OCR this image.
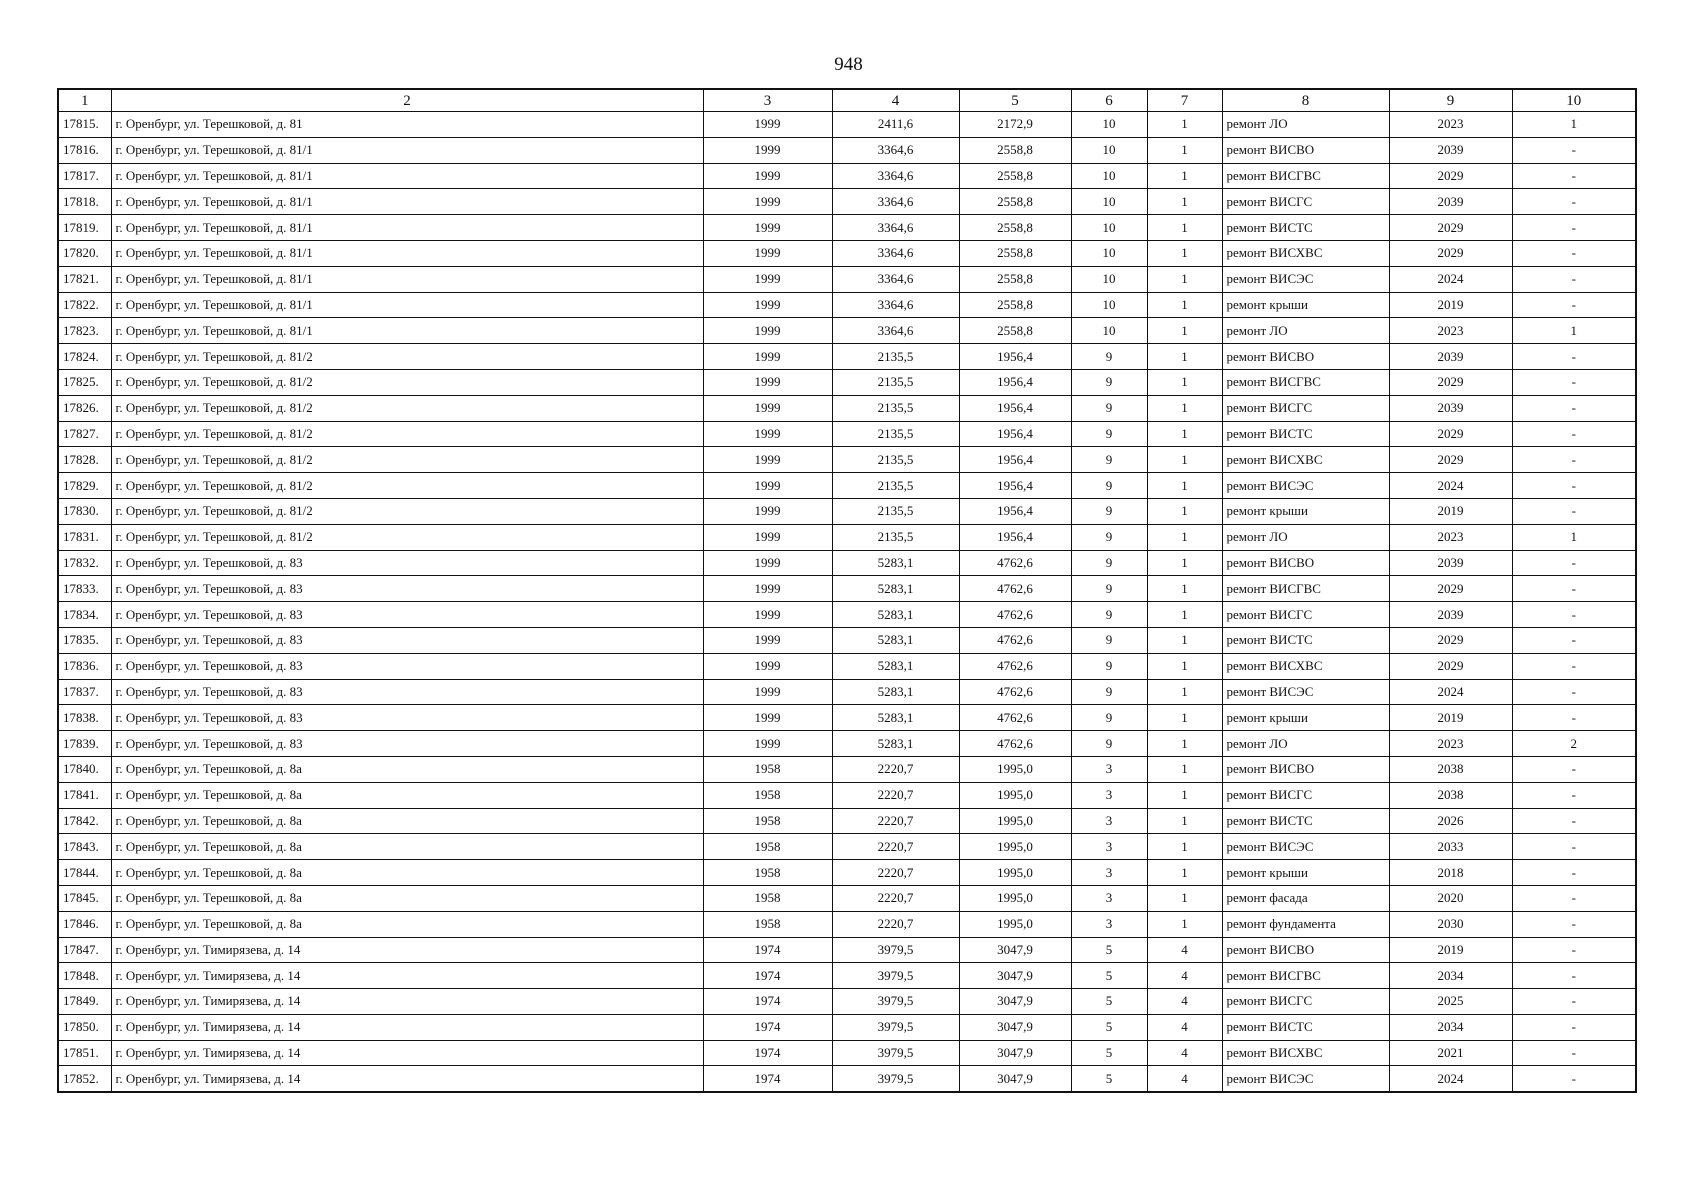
948
1	2	3	4	5	6	7	8	9	10
17815.	г. Оренбург, ул. Терешковой, д. 81	1999	2411,6	2172,9	10	1	ремонт ЛО	2023	1
17816.	г. Оренбург, ул. Терешковой, д. 81/1	1999	3364,6	2558,8	10	1	ремонт ВИСВО	2039	-
17817.	г. Оренбург, ул. Терешковой, д. 81/1	1999	3364,6	2558,8	10	1	ремонт ВИСГВС	2029	-
17818.	г. Оренбург, ул. Терешковой, д. 81/1	1999	3364,6	2558,8	10	1	ремонт ВИСГС	2039	-
17819.	г. Оренбург, ул. Терешковой, д. 81/1	1999	3364,6	2558,8	10	1	ремонт ВИСТС	2029	-
17820.	г. Оренбург, ул. Терешковой, д. 81/1	1999	3364,6	2558,8	10	1	ремонт ВИСХВС	2029	-
17821.	г. Оренбург, ул. Терешковой, д. 81/1	1999	3364,6	2558,8	10	1	ремонт ВИСЭС	2024	-
17822.	г. Оренбург, ул. Терешковой, д. 81/1	1999	3364,6	2558,8	10	1	ремонт крыши	2019	-
17823.	г. Оренбург, ул. Терешковой, д. 81/1	1999	3364,6	2558,8	10	1	ремонт ЛО	2023	1
17824.	г. Оренбург, ул. Терешковой, д. 81/2	1999	2135,5	1956,4	9	1	ремонт ВИСВО	2039	-
17825.	г. Оренбург, ул. Терешковой, д. 81/2	1999	2135,5	1956,4	9	1	ремонт ВИСГВС	2029	-
17826.	г. Оренбург, ул. Терешковой, д. 81/2	1999	2135,5	1956,4	9	1	ремонт ВИСГС	2039	-
17827.	г. Оренбург, ул. Терешковой, д. 81/2	1999	2135,5	1956,4	9	1	ремонт ВИСТС	2029	-
17828.	г. Оренбург, ул. Терешковой, д. 81/2	1999	2135,5	1956,4	9	1	ремонт ВИСХВС	2029	-
17829.	г. Оренбург, ул. Терешковой, д. 81/2	1999	2135,5	1956,4	9	1	ремонт ВИСЭС	2024	-
17830.	г. Оренбург, ул. Терешковой, д. 81/2	1999	2135,5	1956,4	9	1	ремонт крыши	2019	-
17831.	г. Оренбург, ул. Терешковой, д. 81/2	1999	2135,5	1956,4	9	1	ремонт ЛО	2023	1
17832.	г. Оренбург, ул. Терешковой, д. 83	1999	5283,1	4762,6	9	1	ремонт ВИСВО	2039	-
17833.	г. Оренбург, ул. Терешковой, д. 83	1999	5283,1	4762,6	9	1	ремонт ВИСГВС	2029	-
17834.	г. Оренбург, ул. Терешковой, д. 83	1999	5283,1	4762,6	9	1	ремонт ВИСГС	2039	-
17835.	г. Оренбург, ул. Терешковой, д. 83	1999	5283,1	4762,6	9	1	ремонт ВИСТС	2029	-
17836.	г. Оренбург, ул. Терешковой, д. 83	1999	5283,1	4762,6	9	1	ремонт ВИСХВС	2029	-
17837.	г. Оренбург, ул. Терешковой, д. 83	1999	5283,1	4762,6	9	1	ремонт ВИСЭС	2024	-
17838.	г. Оренбург, ул. Терешковой, д. 83	1999	5283,1	4762,6	9	1	ремонт крыши	2019	-
17839.	г. Оренбург, ул. Терешковой, д. 83	1999	5283,1	4762,6	9	1	ремонт ЛО	2023	2
17840.	г. Оренбург, ул. Терешковой, д. 8а	1958	2220,7	1995,0	3	1	ремонт ВИСВО	2038	-
17841.	г. Оренбург, ул. Терешковой, д. 8а	1958	2220,7	1995,0	3	1	ремонт ВИСГС	2038	-
17842.	г. Оренбург, ул. Терешковой, д. 8а	1958	2220,7	1995,0	3	1	ремонт ВИСТС	2026	-
17843.	г. Оренбург, ул. Терешковой, д. 8а	1958	2220,7	1995,0	3	1	ремонт ВИСЭС	2033	-
17844.	г. Оренбург, ул. Терешковой, д. 8а	1958	2220,7	1995,0	3	1	ремонт крыши	2018	-
17845.	г. Оренбург, ул. Терешковой, д. 8а	1958	2220,7	1995,0	3	1	ремонт фасада	2020	-
17846.	г. Оренбург, ул. Терешковой, д. 8а	1958	2220,7	1995,0	3	1	ремонт фундамента	2030	-
17847.	г. Оренбург, ул. Тимирязева, д. 14	1974	3979,5	3047,9	5	4	ремонт ВИСВО	2019	-
17848.	г. Оренбург, ул. Тимирязева, д. 14	1974	3979,5	3047,9	5	4	ремонт ВИСГВС	2034	-
17849.	г. Оренбург, ул. Тимирязева, д. 14	1974	3979,5	3047,9	5	4	ремонт ВИСГС	2025	-
17850.	г. Оренбург, ул. Тимирязева, д. 14	1974	3979,5	3047,9	5	4	ремонт ВИСТС	2034	-
17851.	г. Оренбург, ул. Тимирязева, д. 14	1974	3979,5	3047,9	5	4	ремонт ВИСХВС	2021	-
17852.	г. Оренбург, ул. Тимирязева, д. 14	1974	3979,5	3047,9	5	4	ремонт ВИСЭС	2024	-
